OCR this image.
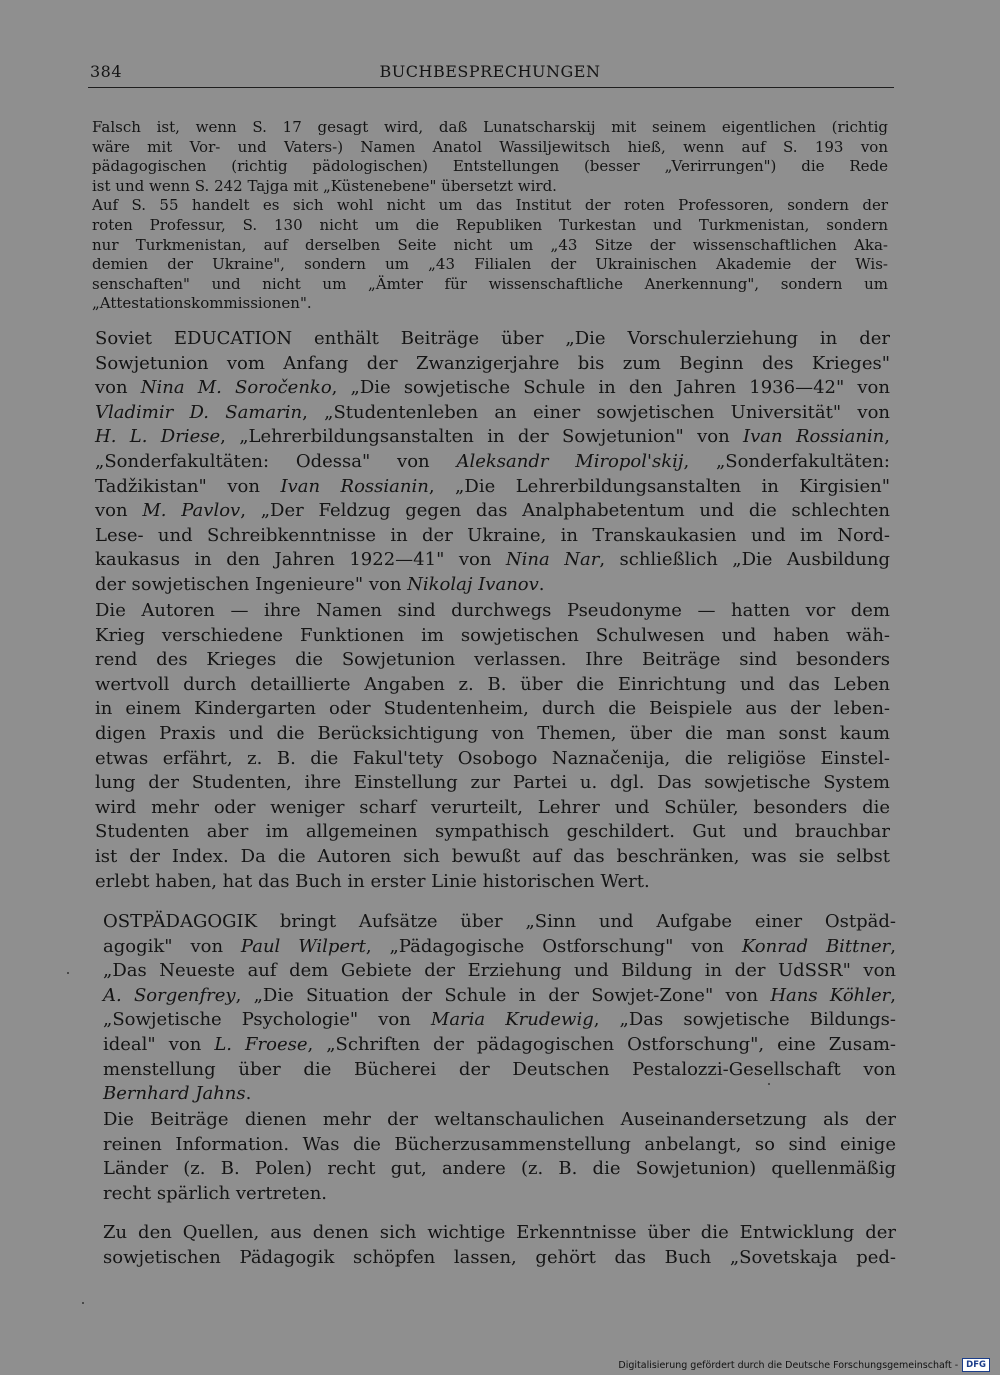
384	BUCHBESPRECHUNGEN
Falsch ist, wenn S. 17 gesagt wird, daß Lunatscharskij mit seinem eigentlichen (richtig
wäre mit Vor- und Vaters-) Namen Anatol Wassiljewitsch hieß, wenn auf S. 193 von
pädagogischen (richtig pädologischen) Entstellungen (besser „Verirrungen") die Rede
ist und wenn S. 242 Tajga mit „Küstenebene" übersetzt wird.
Auf S. 55 handelt es sich wohl nicht um das Institut der roten Professoren, sondern der
roten Professur, S. 130 nicht um die Republiken Turkestan und Turkmenistan, sondern
nur Turkmenistan, auf derselben Seite nicht um „43 Sitze der wissenschaftlichen Aka-
demien der Ukraine", sondern um „43 Filialen der Ukrainischen Akademie der Wis-
senschaften" und nicht um „Ämter für wissenschaftliche Anerkennung", sondern um
„Attestationskommissionen".
Soviet EDUCATION enthält Beiträge über „Die Vorschulerziehung in der
Sowjetunion vom Anfang der Zwanzigerjahre bis zum Beginn des Krieges"
von Nina M. Soročenko, „Die sowjetische Schule in den Jahren 1936—42" von
Vladimir D. Samarin, „Studentenleben an einer sowjetischen Universität" von
H. L. Driese, „Lehrerbildungsanstalten in der Sowjetunion" von Ivan Rossianin,
„Sonderfakultäten: Odessa" von Aleksandr Miropol'skij, „Sonderfakultäten:
Tadžikistan" von Ivan Rossianin, „Die Lehrerbildungsanstalten in Kirgisien"
von M. Pavlov, „Der Feldzug gegen das Analphabetentum und die schlechten
Lese- und Schreibkenntnisse in der Ukraine, in Transkaukasien und im Nord-
kaukasus in den Jahren 1922—41" von Nina Nar, schließlich „Die Ausbildung
der sowjetischen Ingenieure" von Nikolaj Ivanov.
Die Autoren — ihre Namen sind durchwegs Pseudonyme — hatten vor dem
Krieg verschiedene Funktionen im sowjetischen Schulwesen und haben wäh-
rend des Krieges die Sowjetunion verlassen. Ihre Beiträge sind besonders
wertvoll durch detaillierte Angaben z. B. über die Einrichtung und das Leben
in einem Kindergarten oder Studentenheim, durch die Beispiele aus der leben-
digen Praxis und die Berücksichtigung von Themen, über die man sonst kaum
etwas erfährt, z. B. die Fakul'tety Osobogo Naznačenija, die religiöse Einstel-
lung der Studenten, ihre Einstellung zur Partei u. dgl. Das sowjetische System
wird mehr oder weniger scharf verurteilt, Lehrer und Schüler, besonders die
Studenten aber im allgemeinen sympathisch geschildert. Gut und brauchbar
ist der Index. Da die Autoren sich bewußt auf das beschränken, was sie selbst
erlebt haben, hat das Buch in erster Linie historischen Wert.
OSTPÄDAGOGIK bringt Aufsätze über „Sinn und Aufgabe einer Ostpäd-
agogik" von Paul Wilpert, „Pädagogische Ostforschung" von Konrad Bittner,
„Das Neueste auf dem Gebiete der Erziehung und Bildung in der UdSSR" von
A. Sorgenfrey, „Die Situation der Schule in der Sowjet-Zone" von Hans Köhler,
„Sowjetische Psychologie" von Maria Krudewig, „Das sowjetische Bildungs-
ideal" von L. Froese, „Schriften der pädagogischen Ostforschung", eine Zusam-
menstellung über die Bücherei der Deutschen Pestalozzi-Gesellschaft von
Bernhard Jahns.
Die Beiträge dienen mehr der weltanschaulichen Auseinandersetzung als der
reinen Information. Was die Bücherzusammenstellung anbelangt, so sind einige
Länder (z. B. Polen) recht gut, andere (z. B. die Sowjetunion) quellenmäßig
recht spärlich vertreten.
Zu den Quellen, aus denen sich wichtige Erkenntnisse über die Entwicklung der
sowjetischen Pädagogik schöpfen lassen, gehört das Buch „Sovetskaja ped-
Digitalisierung gefördert durch die Deutsche Forschungsgemeinschaft - DFG
